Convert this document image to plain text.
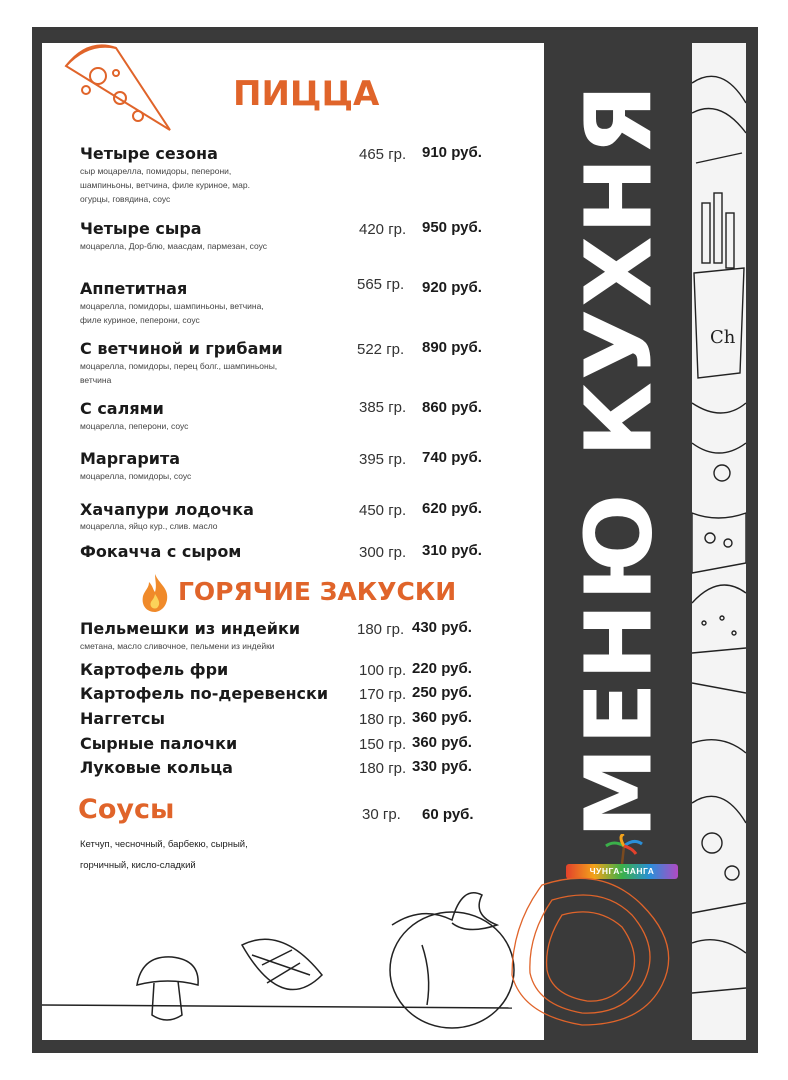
Ch
МЕНЮ КУХНЯ
ПИЦЦА
Четыре сезона
сыр моцарелла, помидоры, пеперони, шампиньоны, ветчина, филе куриное, мар. огурцы, говядина, соус
465 гр. 910 руб.
Четыре сыра
моцарелла, Дор-блю, маасдам, пармезан, соус
420 гр. 950 руб.
Аппетитная
моцарелла, помидоры, шампиньоны, ветчина, филе куриное, пеперони, соус
565 гр. 920 руб.
С ветчиной и грибами
моцарелла, помидоры, перец болг., шампиньоны, ветчина
522 гр. 890 руб.
С салями
моцарелла, пеперони, соус
385 гр. 860 руб.
Маргарита
моцарелла, помидоры, соус
395 гр. 740 руб.
Хачапури лодочка
моцарелла, яйцо кур., слив. масло
450 гр. 620 руб.
Фокачча с сыром	300 гр. 310 руб.
ГОРЯЧИЕ ЗАКУСКИ
Пельмешки из индейки
сметана, масло сливочное, пельмени из индейки
180 гр. 430 руб.
Картофель фри	100 гр. 220 руб.
Картофель по-деревенски 170 гр. 250 руб.
Наггетсы	180 гр. 360 руб.
Сырные палочки	150 гр. 360 руб.
Луковые кольца	180 гр. 330 руб.
Соусы	30 гр. 60 руб.
Кетчуп, чесночный, барбекю, сырный, горчичный, кисло-сладкий	ЧУНГА-ЧАНГА
